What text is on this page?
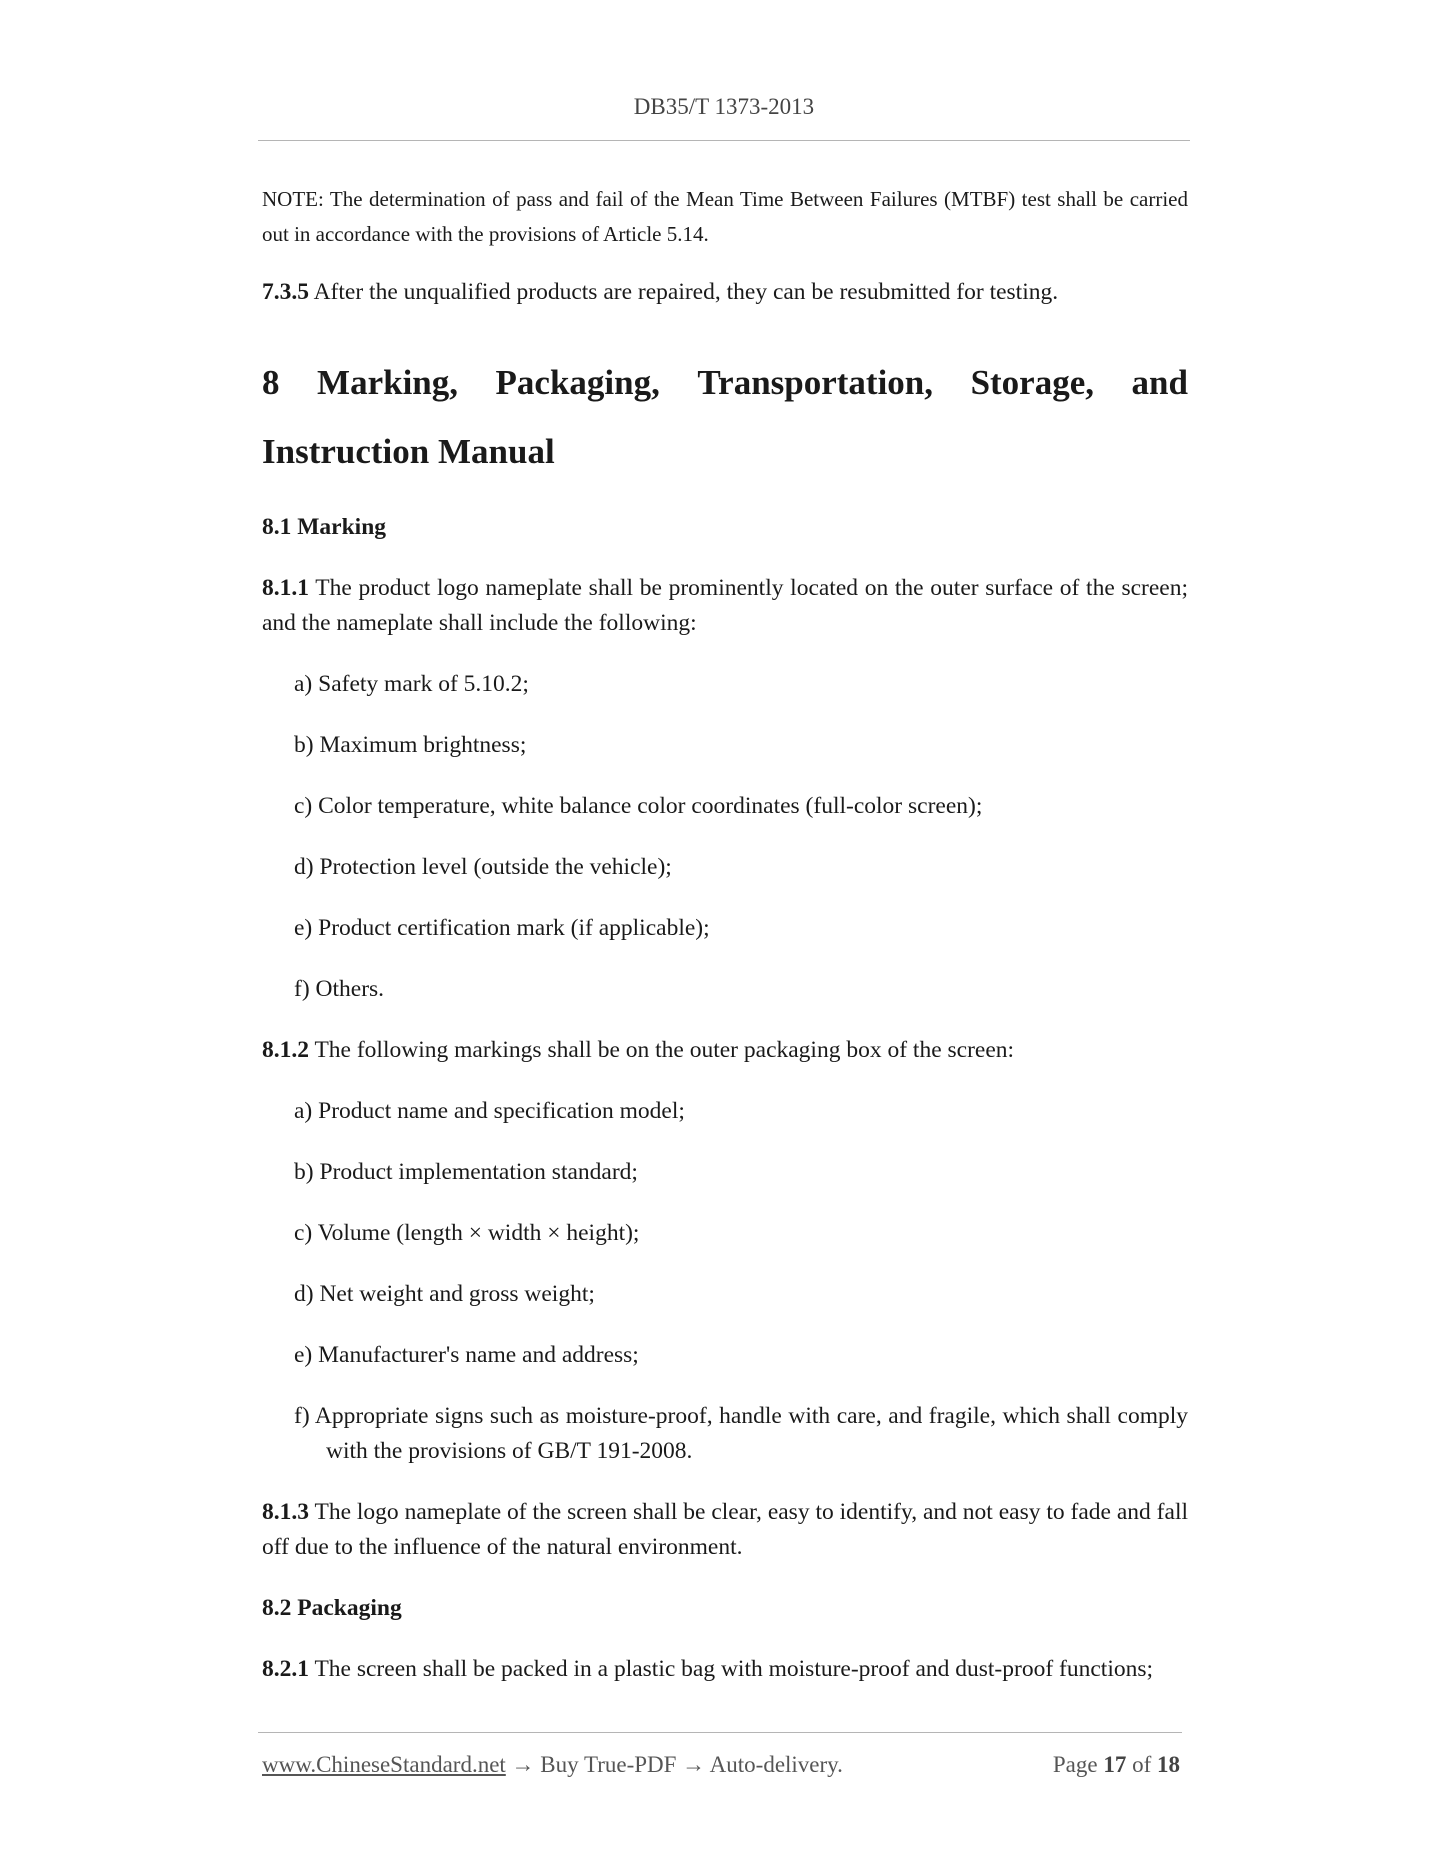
DB35/T 1373-2013

NOTE: The determination of pass and fail of the Mean Time Between Failures (MTBF) test shall be carried out in accordance with the provisions of Article 5.14.

7.3.5 After the unqualified products are repaired, they can be resubmitted for testing.

8 Marking, Packaging, Transportation, Storage, and
Instruction Manual

8.1 Marking

8.1.1 The product logo nameplate shall be prominently located on the outer surface of the screen; and the nameplate shall include the following:

a) Safety mark of 5.10.2;

b) Maximum brightness;

c) Color temperature, white balance color coordinates (full-color screen);

d) Protection level (outside the vehicle);

e) Product certification mark (if applicable);

f) Others.

8.1.2 The following markings shall be on the outer packaging box of the screen:

a) Product name and specification model;

b) Product implementation standard;

c) Volume (length × width × height);

d) Net weight and gross weight;

e) Manufacturer's name and address;

f) Appropriate signs such as moisture-proof, handle with care, and fragile, which shall comply with the provisions of GB/T 191-2008.

8.1.3 The logo nameplate of the screen shall be clear, easy to identify, and not easy to fade and fall off due to the influence of the natural environment.

8.2 Packaging

8.2.1 The screen shall be packed in a plastic bag with moisture-proof and dust-proof functions;

www.ChineseStandard.net → Buy True-PDF → Auto-delivery.	Page 17 of 18
